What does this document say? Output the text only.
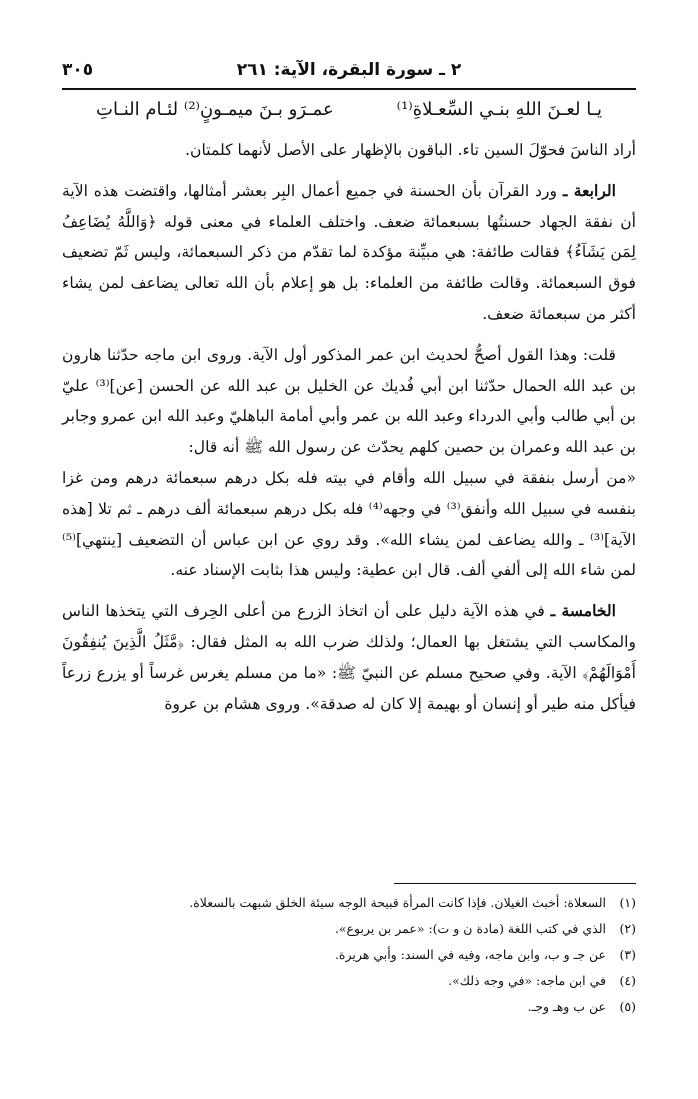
٢ ـ سورة البقرة، الآية: ٢٦١
٣٠٥
يـا لعـنَ اللهِ بنـي السِّعـلاةِ⁽¹⁾
عمـرَو بـنَ ميمـونٍ⁽²⁾ لئـام النـاتِ

أراد الناسَ فحوّلَ السين تاء. الباقون بالإظهار على الأصل لأنهما كلمتان.

الرابعة ـ ورد القرآن بأن الحسنة في جميع أعمال البِر بعشر أمثالها، واقتضت هذه الآية أن نفقة الجهاد حسنتُها بسبعمائة ضعف. واختلف العلماء في معنى قوله ﴿وَاللَّهُ يُضَاعِفُ لِمَن يَشَآءُ﴾ فقالت طائفة: هي مبيِّنة مؤكدة لما تقدّم من ذكر السبعمائة، وليس ثَمّ تضعيف فوق السبعمائة. وقالت طائفة من العلماء: بل هو إعلام بأن الله تعالى يضاعف لمن يشاء أكثر من سبعمائة ضعف.

قلت: وهذا القول أصحُّ لحديث ابن عمر المذكور أول الآية. وروى ابن ماجه حدّثنا هارون بن عبد الله الحمال حدّثنا ابن أبي فُديك عن الخليل بن عبد الله عن الحسن [عن]⁽³⁾ عليّ بن أبي طالب وأبي الدرداء وعبد الله بن عمر وأبي أمامة الباهليّ وعبد الله ابن عمرو وجابر بن عبد الله وعمران بن حصين كلهم يحدّث عن رسول الله ﷺ أنه قال:

«من أرسل بنفقة في سبيل الله وأقام في بيته فله بكل درهم سبعمائة درهم ومن غزا بنفسه في سبيل الله وأنفق⁽³⁾ في وجهه⁽⁴⁾ فله بكل درهم سبعمائة ألف درهم ـ ثم تلا [هذه الآية]⁽³⁾ ـ والله يضاعف لمن يشاء الله». وقد روي عن ابن عباس أن التضعيف [ينتهي]⁽⁵⁾ لمن شاء الله إلى ألفي ألف. قال ابن عطية: وليس هذا بثابت الإسناد عنه.

الخامسة ـ في هذه الآية دليل على أن اتخاذ الزرع من أعلى الحِرف التي يتخذها الناس والمكاسب التي يشتغل بها العمال؛ ولذلك ضرب الله به المثل فقال: ﴿مَّثَلُ الَّذِينَ يُنفِقُونَ أَمْوَالَهُمْ﴾ الآية. وفي صحيح مسلم عن النبيّ ﷺ: «ما من مسلم يغرس غرساً أو يزرع زرعاً فيأكل منه طير أو إنسان أو بهيمة إلا كان له صدقة». وروى هشام بن عروة

(١) السعلاة: أخبث الغيلان. فإذا كانت المرأة قبيحة الوجه سيئة الخلق شبهت بالسعلاة.
(٢) الذي في كتب اللغة (مادة ن و ت): «عمر بن يربوع».
(٣) عن جـ و ب، وابن ماجه، وفيه في السند: وأبي هريرة.
(٤) في ابن ماجه: «في وجه ذلك».
(٥) عن ب وهـ وجـ.
